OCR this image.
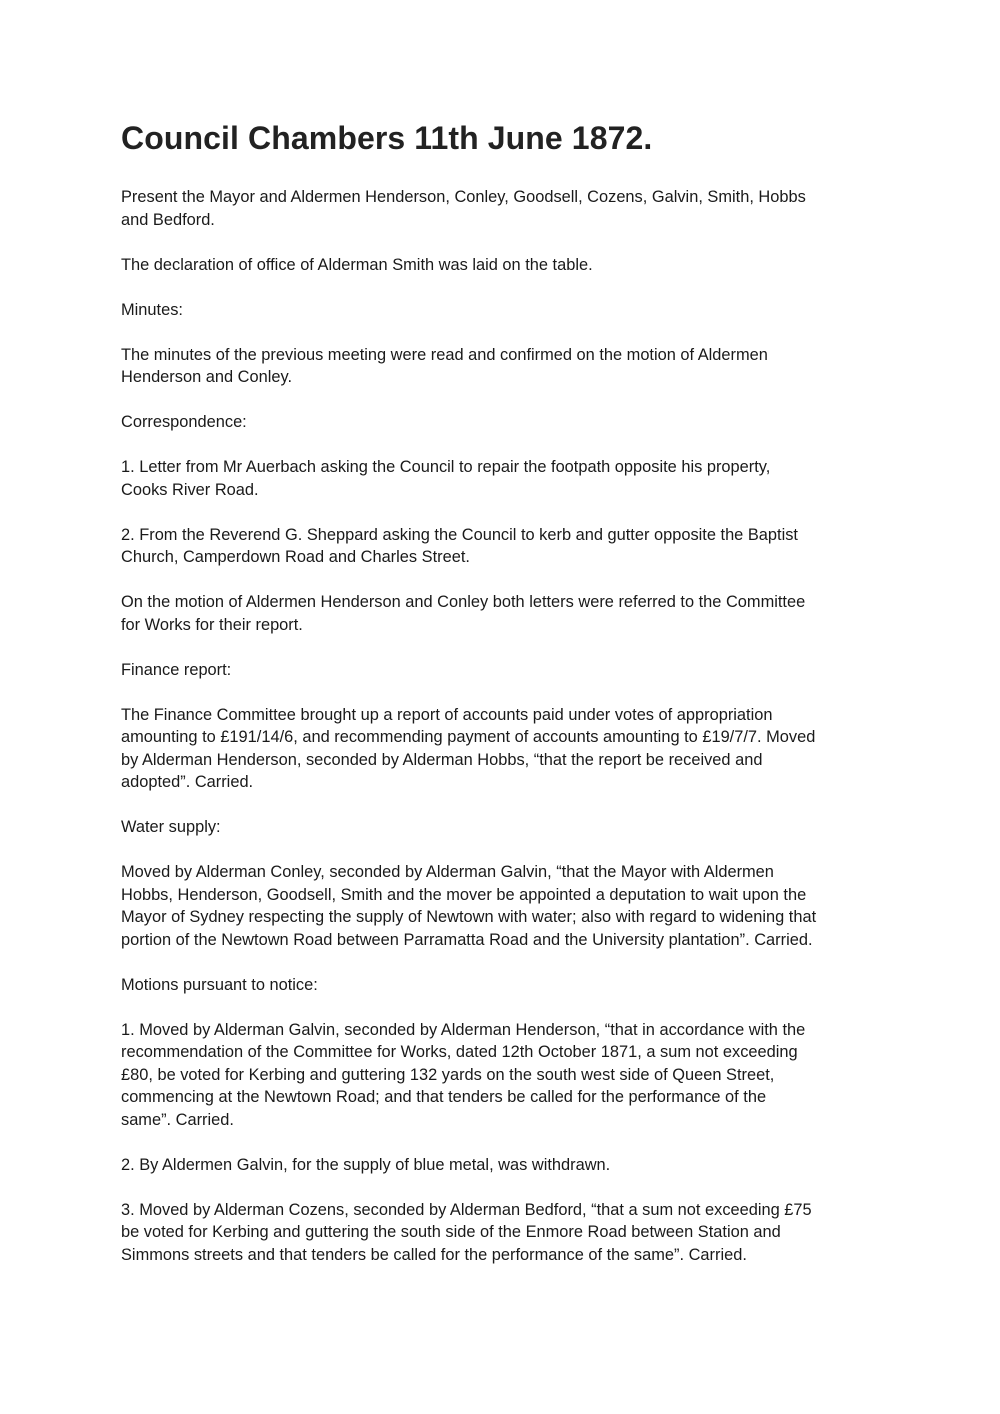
Council Chambers 11th June 1872.

Present the Mayor and Aldermen Henderson, Conley, Goodsell, Cozens, Galvin, Smith, Hobbs
and Bedford.

The declaration of office of Alderman Smith was laid on the table.

Minutes:

The minutes of the previous meeting were read and confirmed on the motion of Aldermen
Henderson and Conley.

Correspondence:

1. Letter from Mr Auerbach asking the Council to repair the footpath opposite his property,
Cooks River Road.

2. From the Reverend G. Sheppard asking the Council to kerb and gutter opposite the Baptist
Church, Camperdown Road and Charles Street.

On the motion of Aldermen Henderson and Conley both letters were referred to the Committee
for Works for their report.

Finance report:

The Finance Committee brought up a report of accounts paid under votes of appropriation
amounting to £191/14/6, and recommending payment of accounts amounting to £19/7/7. Moved
by Alderman Henderson, seconded by Alderman Hobbs, “that the report be received and
adopted”. Carried.

Water supply:

Moved by Alderman Conley, seconded by Alderman Galvin, “that the Mayor with Aldermen
Hobbs, Henderson, Goodsell, Smith and the mover be appointed a deputation to wait upon the
Mayor of Sydney respecting the supply of Newtown with water; also with regard to widening that
portion of the Newtown Road between Parramatta Road and the University plantation”. Carried.

Motions pursuant to notice:

1. Moved by Alderman Galvin, seconded by Alderman Henderson, “that in accordance with the
recommendation of the Committee for Works, dated 12th October 1871, a sum not exceeding
£80, be voted for Kerbing and guttering 132 yards on the south west side of Queen Street,
commencing at the Newtown Road; and that tenders be called for the performance of the
same”. Carried.

2. By Aldermen Galvin, for the supply of blue metal, was withdrawn.

3. Moved by Alderman Cozens, seconded by Alderman Bedford, “that a sum not exceeding £75
be voted for Kerbing and guttering the south side of the Enmore Road between Station and
Simmons streets and that tenders be called for the performance of the same”. Carried.
